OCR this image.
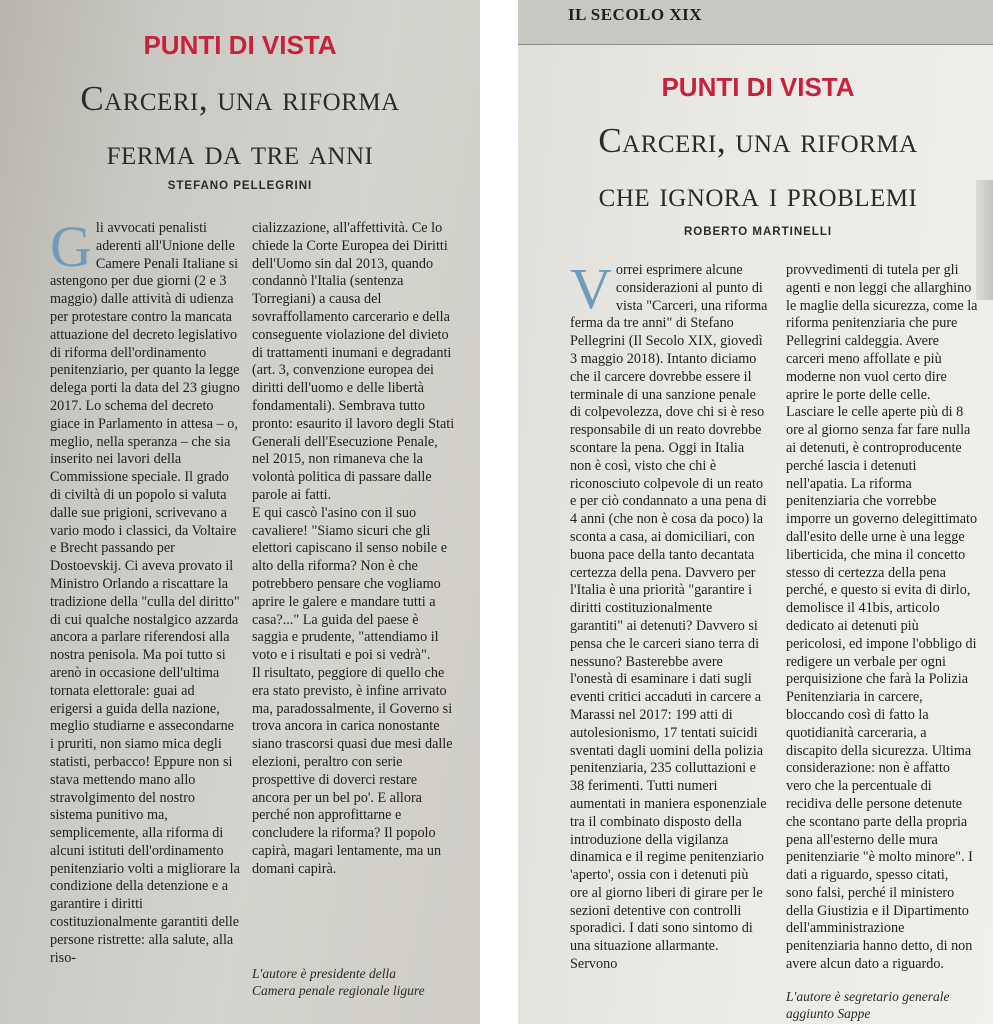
PUNTI DI VISTA
Carceri, una riforma
ferma da tre anni
STEFANO PELLEGRINI
G li avvocati penalisti aderenti all'Unione delle Camere Penali Italiane si astengono per due giorni (2 e 3 maggio) dalle attività di udienza per protestare contro la mancata attuazione del decreto legislativo di riforma dell'ordinamento penitenziario, per quanto la legge delega porti la data del 23 giugno 2017. Lo schema del decreto giace in Parlamento in attesa – o, meglio, nella speranza – che sia inserito nei lavori della Commissione speciale. Il grado di civiltà di un popolo si valuta dalle sue prigioni, scrivevano a vario modo i classici, da Voltaire e Brecht passando per Dostoevskij. Ci aveva provato il Ministro Orlando a riscattare la tradizione della "culla del diritto" di cui qualche nostalgico azzarda ancora a parlare riferendosi alla nostra penisola. Ma poi tutto si arenò in occasione dell'ultima tornata elettorale: guai ad erigersi a guida della nazione, meglio studiarne e assecondarne i pruriti, non siamo mica degli statisti, perbacco! Eppure non si stava mettendo mano allo stravolgimento del nostro sistema punitivo ma, semplicemente, alla riforma di alcuni istituti dell'ordinamento penitenziario volti a migliorare la condizione della detenzione e a garantire i diritti costituzionalmente garantiti delle persone ristrette: alla salute, alla riso-

cializzazione, all'affettività. Ce lo chiede la Corte Europea dei Diritti dell'Uomo sin dal 2013, quando condannò l'Italia (sentenza Torregiani) a causa del sovraffollamento carcerario e della conseguente violazione del divieto di trattamenti inumani e degradanti (art. 3, convenzione europea dei diritti dell'uomo e delle libertà fondamentali). Sembrava tutto pronto: esaurito il lavoro degli Stati Generali dell'Esecuzione Penale, nel 2015, non rimaneva che la volontà politica di passare dalle parole ai fatti.

E qui cascò l'asino con il suo cavaliere! "Siamo sicuri che gli elettori capiscano il senso nobile e alto della riforma? Non è che potrebbero pensare che vogliamo aprire le galere e mandare tutti a casa?..." La guida del paese è saggia e prudente, "attendiamo il voto e i risultati e poi si vedrà".

Il risultato, peggiore di quello che era stato previsto, è infine arrivato ma, paradossalmente, il Governo si trova ancora in carica nonostante siano trascorsi quasi due mesi dalle elezioni, peraltro con serie prospettive di doverci restare ancora per un bel po'. E allora perché non approfittarne e concludere la riforma? Il popolo capirà, magari lentamente, ma un domani capirà.

L'autore è presidente della

Camera penale regionale ligure

IL SECOLO XIX
PUNTI DI VISTA
Carceri, una riforma
che ignora i problemi
ROBERTO MARTINELLI
V orrei esprimere alcune considerazioni al punto di vista "Carceri, una riforma ferma da tre anni" di Stefano Pellegrini (Il Secolo XIX, giovedì 3 maggio 2018). Intanto diciamo che il carcere dovrebbe essere il terminale di una sanzione penale di colpevolezza, dove chi si è reso responsabile di un reato dovrebbe scontare la pena. Oggi in Italia non è così, visto che chi è riconosciuto colpevole di un reato e per ciò condannato a una pena di 4 anni (che non è cosa da poco) la sconta a casa, ai domiciliari, con buona pace della tanto decantata certezza della pena. Davvero per l'Italia è una priorità "garantire i diritti costituzionalmente garantiti" ai detenuti? Davvero si pensa che le carceri siano terra di nessuno? Basterebbe avere l'onestà di esaminare i dati sugli eventi critici accaduti in carcere a Marassi nel 2017: 199 atti di autolesionismo, 17 tentati suicidi sventati dagli uomini della polizia penitenziaria, 235 colluttazioni e 38 ferimenti. Tutti numeri aumentati in maniera esponenziale tra il combinato disposto della introduzione della vigilanza dinamica e il regime penitenziario 'aperto', ossia con i detenuti più ore al giorno liberi di girare per le sezioni detentive con controlli sporadici. I dati sono sintomo di una situazione allarmante. Servono
provvedimenti di tutela per gli agenti e non leggi che allarghino le maglie della sicurezza, come la riforma penitenziaria che pure Pellegrini caldeggia. Avere carceri meno affollate e più moderne non vuol certo dire aprire le porte delle celle. Lasciare le celle aperte più di 8 ore al giorno senza far fare nulla ai detenuti, è controproducente perché lascia i detenuti nell'apatia. La riforma penitenziaria che vorrebbe imporre un governo delegittimato dall'esito delle urne è una legge liberticida, che mina il concetto stesso di certezza della pena perché, e questo si evita di dirlo, demolisce il 41bis, articolo dedicato ai detenuti più pericolosi, ed impone l'obbligo di redigere un verbale per ogni perquisizione che farà la Polizia Penitenziaria in carcere, bloccando così di fatto la quotidianità carceraria, a discapito della sicurezza. Ultima considerazione: non è affatto vero che la percentuale di recidiva delle persone detenute che scontano parte della propria pena all'esterno delle mura penitenziarie "è molto minore". I dati a riguardo, spesso citati, sono falsi, perché il ministero della Giustizia e il Dipartimento dell'amministrazione penitenziaria hanno detto, di non avere alcun dato a riguardo.

L'autore è segretario generale

aggiunto Sappe
